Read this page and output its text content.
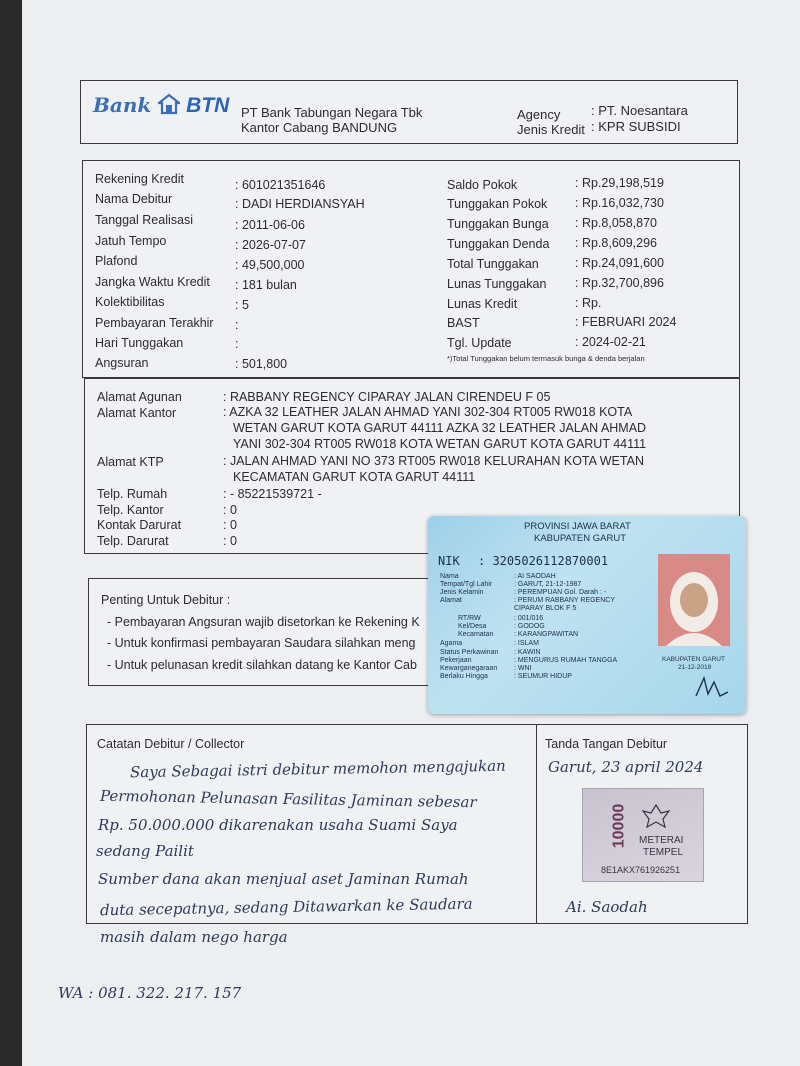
Bank BTN PT Bank Tabungan Negara Tbk
Kantor Cabang BANDUNG
Agency : PT. Noesantara
Jenis Kredit : KPR SUBSIDI
Rekening Kredit	: 601021351646
Nama Debitur	: DADI HERDIANSYAH
Tanggal Realisasi	: 2011-06-06
Jatuh Tempo	: 2026-07-07
Plafond	: 49,500,000
Jangka Waktu Kredit : 181 bulan
Kolektibilitas	: 5
Pembayaran Terakhir :
Hari Tunggakan	:
Angsuran	: 501,800
Saldo Pokok	: Rp.29,198,519
Tunggakan Pokok : Rp.16,032,730
Tunggakan Bunga : Rp.8,058,870
Tunggakan Denda : Rp.8,609,296
Total Tunggakan	: Rp.24,091,600
Lunas Tunggakan : Rp.32,700,896
Lunas Kredit	: Rp.
BAST	: FEBRUARI 2024
Tgl. Update	: 2024-02-21
*)Total Tunggakan belum termasuk bunga & denda berjalan
Alamat Agunan	: RABBANY REGENCY CIPARAY JALAN CIRENDEU F 05
Alamat Kantor	: AZKA 32 LEATHER JALAN AHMAD YANI 302-304 RT005 RW018 KOTA
WETAN GARUT KOTA GARUT 44111 AZKA 32 LEATHER JALAN AHMAD
YANI 302-304 RT005 RW018 KOTA WETAN GARUT KOTA GARUT 44111
Alamat KTP	: JALAN AHMAD YANI NO 373 RT005 RW018 KELURAHAN KOTA WETAN
KECAMATAN GARUT KOTA GARUT 44111
Telp. Rumah	: - 85221539721 -
Telp. Kantor	: 0
Kontak Darurat	: 0
Telp. Darurat	: 0
Penting Untuk Debitur :
- Pembayaran Angsuran wajib disetorkan ke Rekening K
- Untuk konfirmasi pembayaran Saudara silahkan meng
- Untuk pelunasan kredit silahkan datang ke Kantor Cab
PROVINSI JAWA BARAT
KABUPATEN GARUT
NIK : 3205026112870001
Nama	: AI SAODAH
Tempat/Tgl Lahir	: GARUT, 21-12-1987
Jenis Kelamin	: PEREMPUAN Gol. Darah : -
Alamat	: PERUM RABBANY REGENCY
CIPARAY BLOK F 5
RT/RW	: 001/016
Kel/Desa	: GODOG
Kecamatan	: KARANGPAWITAN
Agama	: ISLAM
Status Perkawinan : KAWIN
Pekerjaan	: MENGURUS RUMAH TANGGA
Kewarganegaraan : WNI
Berlaku Hingga	: SEUMUR HIDUP
KABUPATEN GARUT
21-12-2018
Catatan Debitur / Collector	Tanda Tangan Debitur
Saya Sebagai istri debitur memohon mengajukan
Permohonan Pelunasan Fasilitas Jaminan sebesar
Rp. 50.000.000 dikarenakan usaha Suami Saya
sedang Pailit
Sumber dana akan menjual aset Jaminan Rumah
duta secepatnya, sedang Ditawarkan ke Saudara
masih dalam nego harga
WA : 081. 322. 217. 157
Garut, 23 april 2024
10000 METERAI
TEMPEL
8E1AKX761926251
Ai. Saodah
